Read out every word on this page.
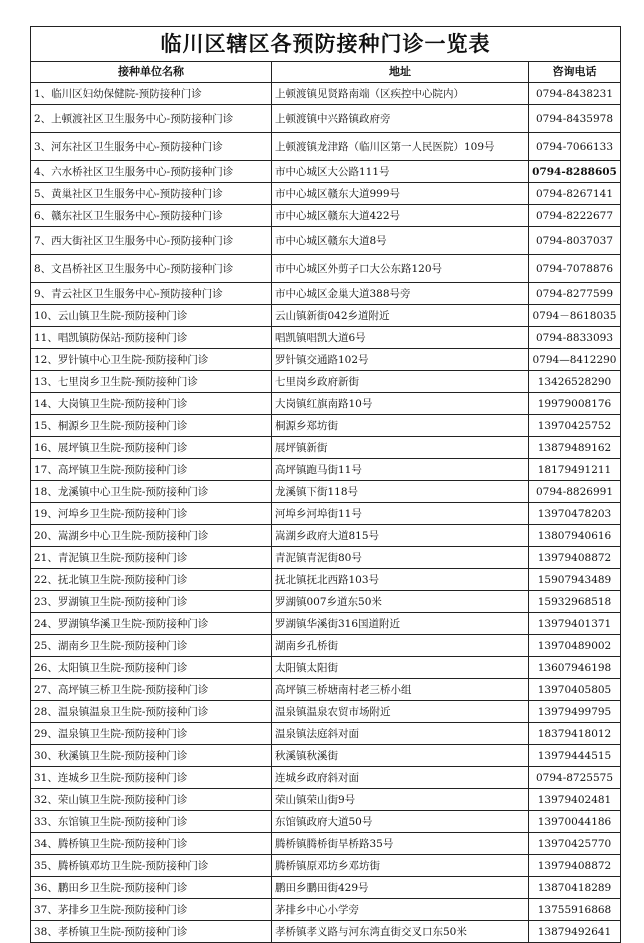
临川区辖区各预防接种门诊一览表		
接种单位名称	地址	咨询电话
1、临川区妇幼保健院-预防接种门诊	上顿渡镇见贤路南端（区疾控中心院内）	0794-8438231
2、上顿渡社区卫生服务中心-预防接种门诊	上顿渡镇中兴路镇政府旁	0794-8435978
3、河东社区卫生服务中心-预防接种门诊	上顿渡镇龙津路（临川区第一人民医院）109号	0794-7066133
4、六水桥社区卫生服务中心-预防接种门诊	市中心城区大公路111号	0794-8288605
5、黄巢社区卫生服务中心-预防接种门诊	市中心城区赣东大道999号	0794-8267141
6、赣东社区卫生服务中心-预防接种门诊	市中心城区赣东大道422号	0794-8222677
7、西大街社区卫生服务中心-预防接种门诊	市中心城区赣东大道8号	0794-8037037
8、文昌桥社区卫生服务中心-预防接种门诊	市中心城区外剪子口大公东路120号	0794-7078876
9、青云社区卫生服务中心-预防接种门诊	市中心城区金巢大道388号旁	0794-8277599
10、云山镇卫生院-预防接种门诊	云山镇新街042乡道附近	0794－8618035
11、唱凯镇防保站-预防接种门诊	唱凯镇唱凯大道6号	0794-8833093
12、罗针镇中心卫生院-预防接种门诊	罗针镇交通路102号	0794—8412290
13、七里岗乡卫生院-预防接种门诊	七里岗乡政府新街	13426528290
14、大岗镇卫生院-预防接种门诊	大岗镇红旗南路10号	19979008176
15、桐源乡卫生院-预防接种门诊	桐源乡郑坊街	13970425752
16、展坪镇卫生院-预防接种门诊	展坪镇新街	13879489162
17、高坪镇卫生院-预防接种门诊	高坪镇跑马街11号	18179491211
18、龙溪镇中心卫生院-预防接种门诊	龙溪镇下街118号	0794-8826991
19、河埠乡卫生院-预防接种门诊	河埠乡河埠街11号	13970478203
20、嵩湖乡中心卫生院-预防接种门诊	嵩湖乡政府大道815号	13807940616
21、青泥镇卫生院-预防接种门诊	青泥镇青泥街80号	13979408872
22、抚北镇卫生院-预防接种门诊	抚北镇抚北西路103号	15907943489
23、罗湖镇卫生院-预防接种门诊	罗湖镇007乡道东50米	15932968518
24、罗湖镇华溪卫生院-预防接种门诊	罗湖镇华溪街316国道附近	13979401371
25、湖南乡卫生院-预防接种门诊	湖南乡孔桥街	13970489002
26、太阳镇卫生院-预防接种门诊	太阳镇太阳街	13607946198
27、高坪镇三桥卫生院-预防接种门诊	高坪镇三桥塘南村老三桥小组	13970405805
28、温泉镇温泉卫生院-预防接种门诊	温泉镇温泉农贸市场附近	13979499795
29、温泉镇卫生院-预防接种门诊	温泉镇法庭斜对面	18379418012
30、秋溪镇卫生院-预防接种门诊	秋溪镇秋溪街	13979444515
31、连城乡卫生院-预防接种门诊	连城乡政府斜对面	0794-8725575
32、荣山镇卫生院-预防接种门诊	荣山镇荣山街9号	13979402481
33、东馆镇卫生院-预防接种门诊	东馆镇政府大道50号	13970044186
34、腾桥镇卫生院-预防接种门诊	腾桥镇腾桥街旱桥路35号	13970425770
35、腾桥镇邓坊卫生院-预防接种门诊	腾桥镇原邓坊乡邓坊街	13979408872
36、鹏田乡卫生院-预防接种门诊	鹏田乡鹏田街429号	13870418289
37、茅排乡卫生院-预防接种门诊	茅排乡中心小学旁	13755916868
38、孝桥镇卫生院-预防接种门诊	孝桥镇孝义路与河东湾直街交叉口东50米	13879492641
